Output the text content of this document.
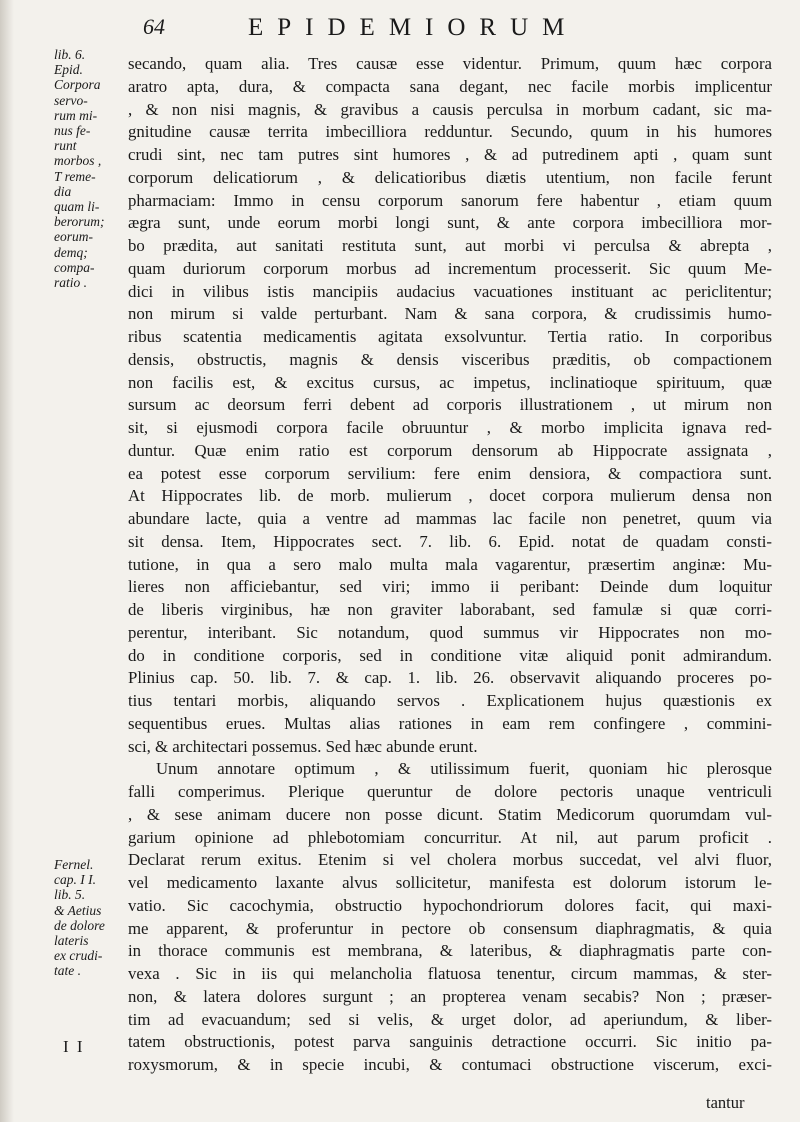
64	EPIDEMIORUM
lib. 6.
Epid.
Corpora
servo-
rum mi-
nus fe-
runt
morbos ,
T reme-
dia
quam li-
berorum;
eorum-
demq;
compa-
ratio .
Fernel.
cap. I I.
lib. 5.
& Aetius
de dolore
lateris
ex crudi-
tate .
secando, quam alia. Tres causæ esse videntur. Primum, quum hæc corpora
aratro apta, dura, & compacta sana degant, nec facile morbis implicentur
, & non nisi magnis, & gravibus a causis perculsa in morbum cadant, sic ma-
gnitudine causæ territa imbecilliora redduntur. Secundo, quum in his humores
crudi sint, nec tam putres sint humores , & ad putredinem apti , quam sunt
corporum delicatiorum , & delicatioribus diætis utentium, non facile ferunt
pharmaciam: Immo in censu corporum sanorum fere habentur , etiam quum
ægra sunt, unde eorum morbi longi sunt, & ante corpora imbecilliora mor-
bo prædita, aut sanitati restituta sunt, aut morbi vi perculsa & abrepta ,
quam duriorum corporum morbus ad incrementum processerit. Sic quum Me-
dici in vilibus istis mancipiis audacius vacuationes instituant ac periclitentur;
non mirum si valde perturbant. Nam & sana corpora, & crudissimis humo-
ribus scatentia medicamentis agitata exsolvuntur. Tertia ratio. In corporibus
densis, obstructis, magnis & densis visceribus præditis, ob compactionem
non facilis est, & excitus cursus, ac impetus, inclinatioque spirituum, quæ
sursum ac deorsum ferri debent ad corporis illustrationem , ut mirum non
sit, si ejusmodi corpora facile obruuntur , & morbo implicita ignava red-
duntur. Quæ enim ratio est corporum densorum ab Hippocrate assignata ,
ea potest esse corporum servilium: fere enim densiora, & compactiora sunt.
At Hippocrates lib. de morb. mulierum , docet corpora mulierum densa non
abundare lacte, quia a ventre ad mammas lac facile non penetret, quum via
sit densa. Item, Hippocrates sect. 7. lib. 6. Epid. notat de quadam consti-
tutione, in qua a sero malo multa mala vagarentur, præsertim anginæ: Mu-
lieres non afficiebantur, sed viri; immo ii peribant: Deinde dum loquitur
de liberis virginibus, hæ non graviter laborabant, sed famulæ si quæ corri-
perentur, interibant. Sic notandum, quod summus vir Hippocrates non mo-
do in conditione corporis, sed in conditione vitæ aliquid ponit admirandum.
Plinius cap. 50. lib. 7. & cap. 1. lib. 26. observavit aliquando proceres po-
tius tentari morbis, aliquando servos . Explicationem hujus quæstionis ex
sequentibus erues. Multas alias rationes in eam rem confingere , commini-
sci, & architectari possemus. Sed hæc abunde erunt.
Unum annotare optimum , & utilissimum fuerit, quoniam hic plerosque
falli comperimus. Plerique queruntur de dolore pectoris unaque ventriculi
, & sese animam ducere non posse dicunt. Statim Medicorum quorumdam vul-
garium opinione ad phlebotomiam concurritur. At nil, aut parum proficit .
Declarat rerum exitus. Etenim si vel cholera morbus succedat, vel alvi fluor,
vel medicamento laxante alvus sollicitetur, manifesta est dolorum istorum le-
vatio. Sic cacochymia, obstructio hypochondriorum dolores facit, qui maxi-
me apparent, & proferuntur in pectore ob consensum diaphragmatis, & quia
in thorace communis est membrana, & lateribus, & diaphragmatis parte con-
vexa . Sic in iis qui melancholia flatuosa tenentur, circum mammas, & ster-
non, & latera dolores surgunt ; an propterea venam secabis? Non ; præser-
tim ad evacuandum; sed si velis, & urget dolor, ad aperiundum, & liber-
tatem obstructionis, potest parva sanguinis detractione occurri. Sic initio pa-
roxysmorum, & in specie incubi, & contumaci obstructione viscerum, exci-
I I
tantur
